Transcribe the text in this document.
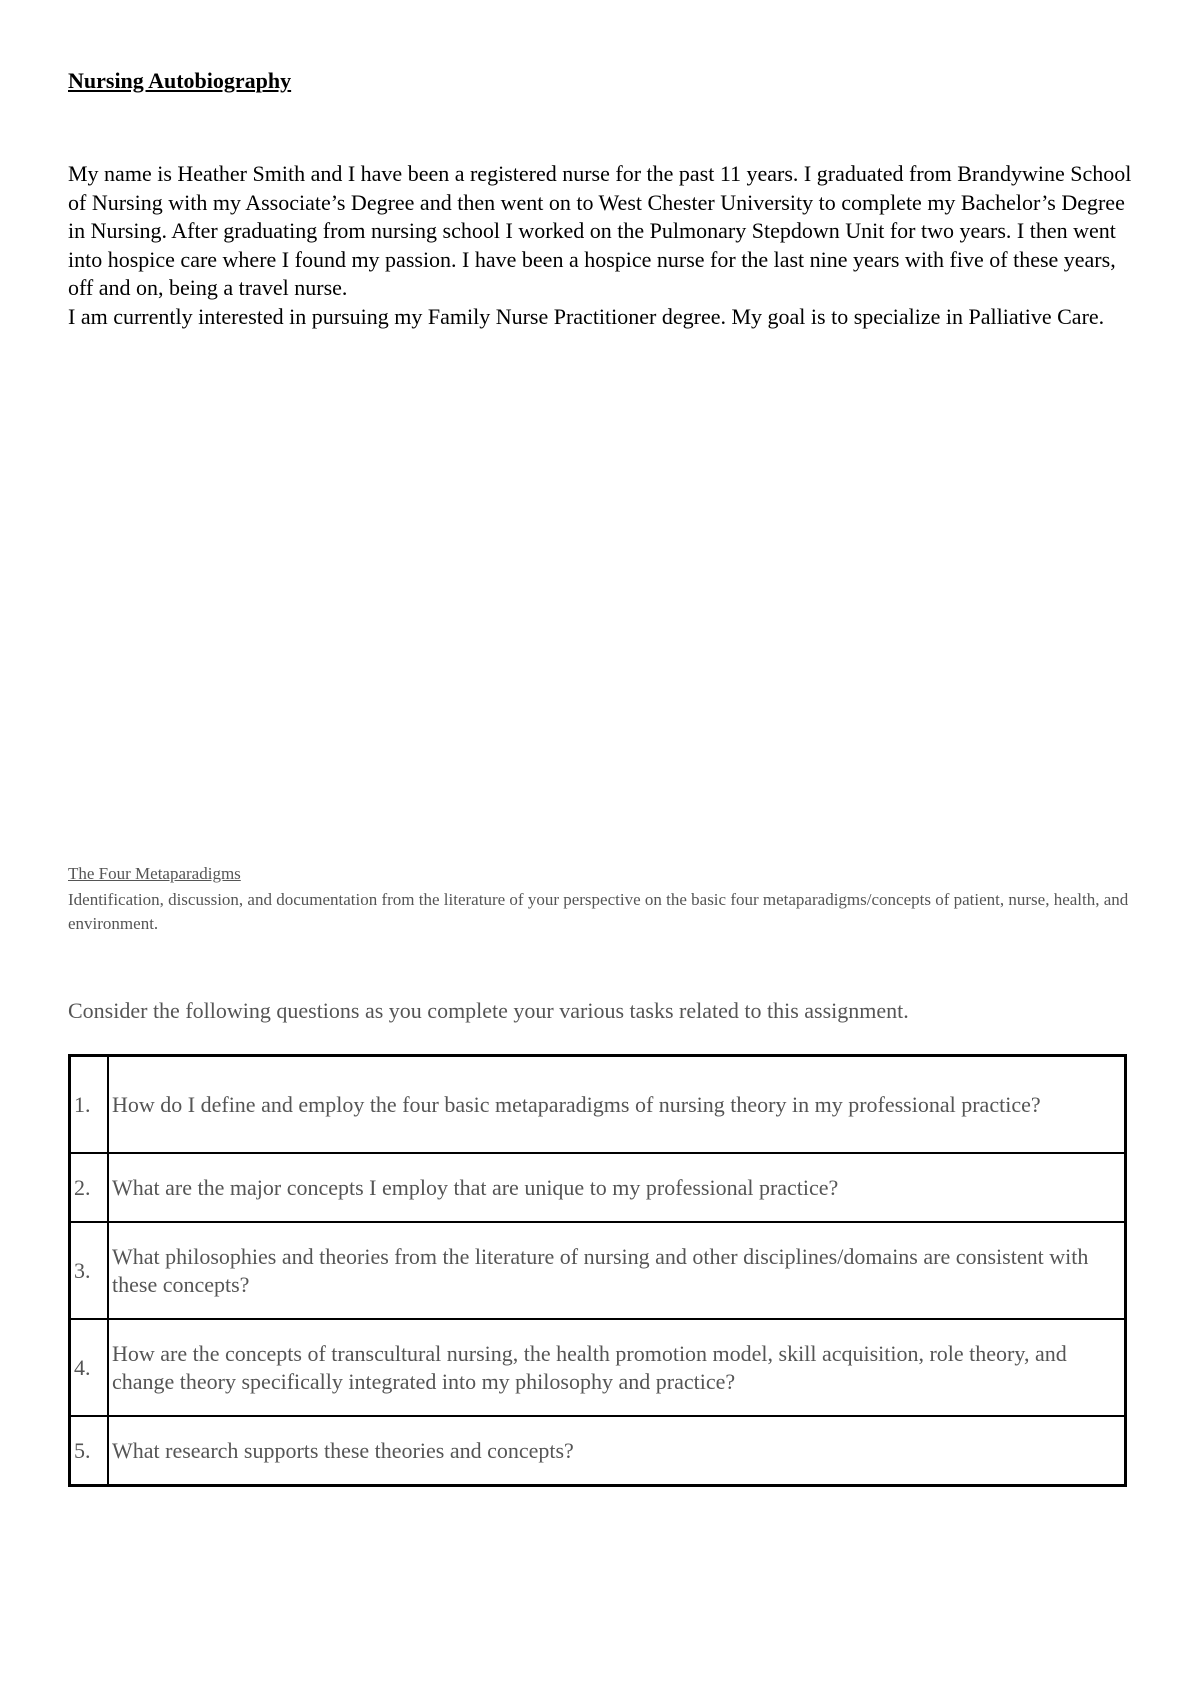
Nursing Autobiography

My name is Heather Smith and I have been a registered nurse for the past 11 years. I graduated from Brandywine School of Nursing with my Associate’s Degree and then went on to West Chester University to complete my Bachelor’s Degree in Nursing. After graduating from nursing school I worked on the Pulmonary Stepdown Unit for two years. I then went into hospice care where I found my passion. I have been a hospice nurse for the last nine years with five of these years, off and on, being a travel nurse.

I am currently interested in pursuing my Family Nurse Practitioner degree. My goal is to specialize in Palliative Care.

The Four Metaparadigms
Identification, discussion, and documentation from the literature of your perspective on the basic four metaparadigms/concepts of patient, nurse, health, and environment.
Consider the following questions as you complete your various tasks related to this assignment.
1.	How do I define and employ the four basic metaparadigms of nursing theory in my professional practice?
2.	What are the major concepts I employ that are unique to my professional practice?
3.	What philosophies and theories from the literature of nursing and other disciplines/domains are consistent with these concepts?
4.	How are the concepts of transcultural nursing, the health promotion model, skill acquisition, role theory, and change theory specifically integrated into my philosophy and practice?
5.	What research supports these theories and concepts?
